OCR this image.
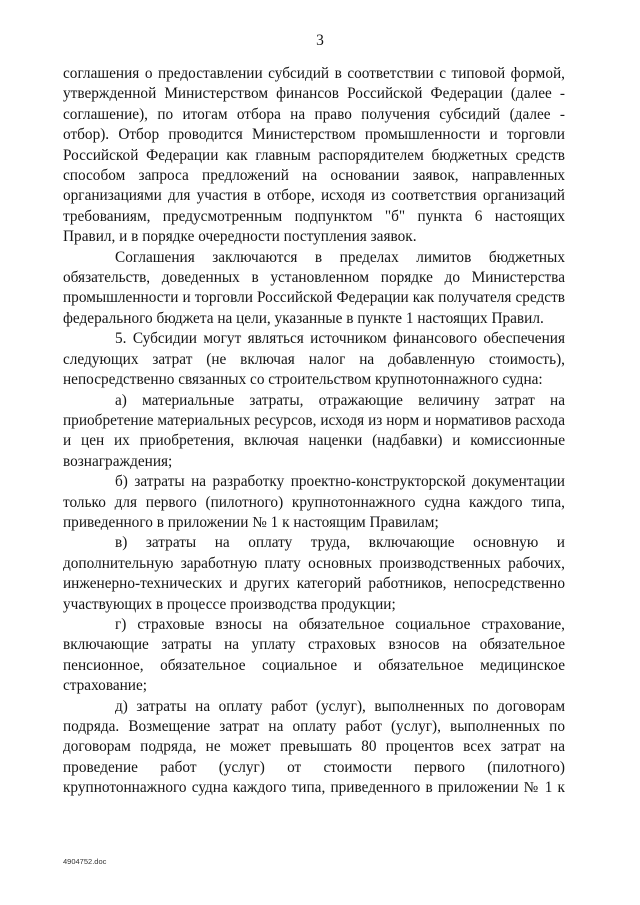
3

соглашения о предоставлении субсидий в соответствии с типовой формой, утвержденной Министерством финансов Российской Федерации (далее - соглашение), по итогам отбора на право получения субсидий (далее - отбор). Отбор проводится Министерством промышленности и торговли Российской Федерации как главным распорядителем бюджетных средств способом запроса предложений на основании заявок, направленных организациями для участия в отборе, исходя из соответствия организаций требованиям, предусмотренным подпунктом "б" пункта 6 настоящих Правил, и в порядке очередности поступления заявок.

Соглашения заключаются в пределах лимитов бюджетных обязательств, доведенных в установленном порядке до Министерства промышленности и торговли Российской Федерации как получателя средств федерального бюджета на цели, указанные в пункте 1 настоящих Правил.

5. Субсидии могут являться источником финансового обеспечения следующих затрат (не включая налог на добавленную стоимость), непосредственно связанных со строительством крупнотоннажного судна:

а) материальные затраты, отражающие величину затрат на приобретение материальных ресурсов, исходя из норм и нормативов расхода и цен их приобретения, включая наценки (надбавки) и комиссионные вознаграждения;

б) затраты на разработку проектно-конструкторской документации только для первого (пилотного) крупнотоннажного судна каждого типа, приведенного в приложении № 1 к настоящим Правилам;

в) затраты на оплату труда, включающие основную и дополнительную заработную плату основных производственных рабочих, инженерно-технических и других категорий работников, непосредственно участвующих в процессе производства продукции;

г) страховые взносы на обязательное социальное страхование, включающие затраты на уплату страховых взносов на обязательное пенсионное, обязательное социальное и обязательное медицинское страхование;

д) затраты на оплату работ (услуг), выполненных по договорам подряда. Возмещение затрат на оплату работ (услуг), выполненных по договорам подряда, не может превышать 80 процентов всех затрат на проведение работ (услуг) от стоимости первого (пилотного) крупнотоннажного судна каждого типа, приведенного в приложении № 1 к

4904752.doc
